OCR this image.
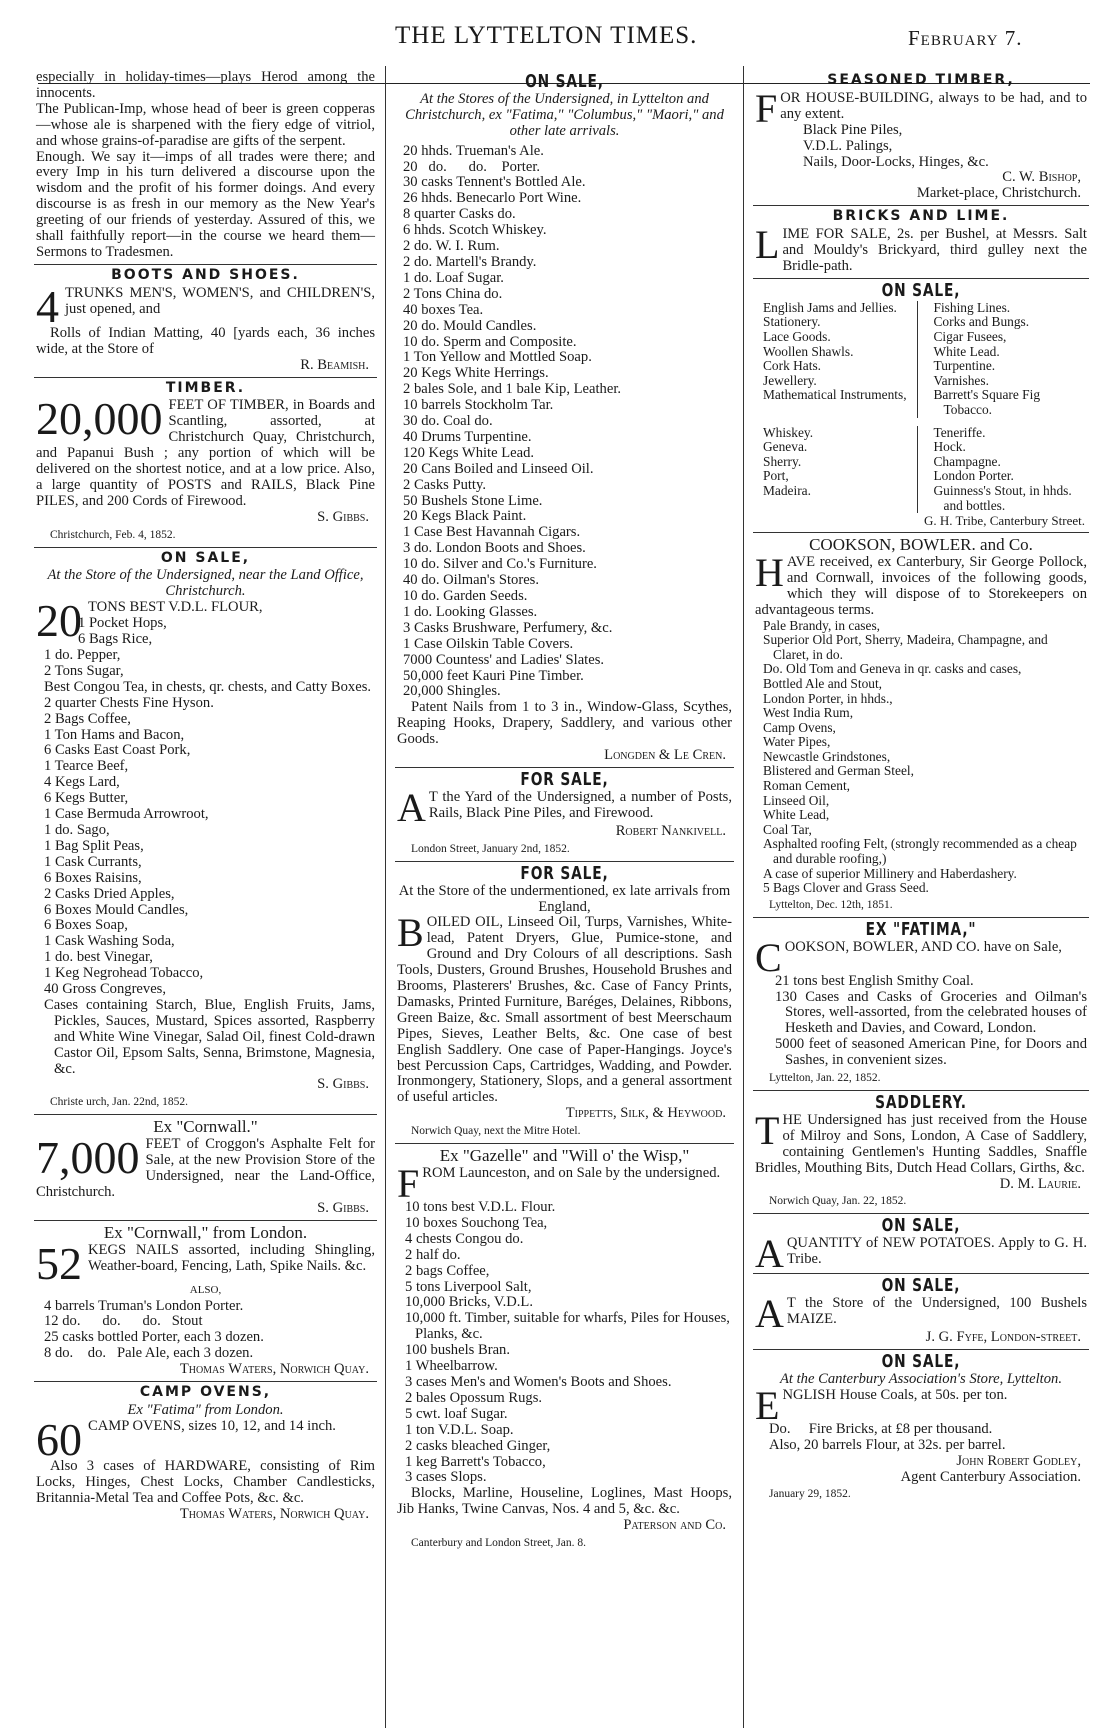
THE LYTTELTON TIMES.	February 7.

especially in holiday-times—plays Herod among the innocents.
The Publican-Imp, whose head of beer is green copperas—whose ale is sharpened with the fiery edge of vitriol, and whose grains-of-paradise are gifts of the serpent.
Enough. We say it—imps of all trades were there; and every Imp in his turn delivered a discourse upon the wisdom and the profit of his former doings. And every discourse is as fresh in our memory as the New Year's greeting of our friends of yesterday. Assured of this, we shall faithfully report—in the course we heard them—Sermons to Tradesmen.

BOOTS AND SHOES.

4 TRUNKS MEN'S, WOMEN'S, and CHILDREN'S, just opened, and

Rolls of Indian Matting, 40 [yards each, 36 inches wide, at the Store of

R. Beamish.

TIMBER.

20,000 FEET OF TIMBER, in Boards and Scantling, assorted, at Christchurch Quay, Christchurch, and Papanui Bush ; any portion of which will be delivered on the shortest notice, and at a low price. Also, a large quantity of POSTS and RAILS, Black Pine PILES, and 200 Cords of Firewood.

S. Gibbs.

Christchurch, Feb. 4, 1852.

ON SALE,

At the Store of the Undersigned, near the Land Office, Christchurch.

20 TONS BEST V.D.L. FLOUR,

1 Pocket Hops,

6 Bags Rice,

1 do. Pepper,

2 Tons Sugar,

Best Congou Tea, in chests, qr. chests, and Catty Boxes.

2 quarter Chests Fine Hyson.

2 Bags Coffee,

1 Ton Hams and Bacon,

6 Casks East Coast Pork,

1 Tearce Beef,

4 Kegs Lard,

6 Kegs Butter,

1 Case Bermuda Arrowroot,

1 do. Sago,

1 Bag Split Peas,

1 Cask Currants,

6 Boxes Raisins,

2 Casks Dried Apples,

6 Boxes Mould Candles,

6 Boxes Soap,

1 Cask Washing Soda,

1 do. best Vinegar,

1 Keg Negrohead Tobacco,

40 Gross Congreves,

Cases containing Starch, Blue, English Fruits, Jams, Pickles, Sauces, Mustard, Spices assorted, Raspberry and White Wine Vinegar, Salad Oil, finest Cold-drawn Castor Oil, Epsom Salts, Senna, Brimstone, Magnesia, &c.

S. Gibbs.

Christe urch, Jan. 22nd, 1852.

Ex "Cornwall."

7,000 FEET of Croggon's Asphalte Felt for Sale, at the new Provision Store of the Undersigned, near the Land-Office, Christchurch.

S. Gibbs.

Ex "Cornwall," from London.

52 KEGS NAILS assorted, including Shingling, Weather-board, Fencing, Lath, Spike Nails. &c.

ALSO,

4 barrels Truman's London Porter.

12 do.      do.      do.   Stout

25 casks bottled Porter, each 3 dozen.

8 do.    do.   Pale Ale, each 3 dozen.

Thomas Waters, Norwich Quay.

CAMP OVENS,

Ex "Fatima" from London.

60 CAMP OVENS, sizes 10, 12, and 14 inch.

Also 3 cases of HARDWARE, consisting of Rim Locks, Hinges, Chest Locks, Chamber Candlesticks, Britannia-Metal Tea and Coffee Pots, &c. &c.

Thomas Waters, Norwich Quay.

ON SALE,

At the Stores of the Undersigned, in Lyttelton and Christchurch, ex "Fatima," "Columbus," "Maori," and other late arrivals.

20 hhds. Trueman's Ale.

20   do.      do.    Porter.

30 casks Tennent's Bottled Ale.

26 hhds. Benecarlo Port Wine.

8 quarter Casks do.

6 hhds. Scotch Whiskey.

2 do. W. I. Rum.

2 do. Martell's Brandy.

1 do. Loaf Sugar.

2 Tons China do.

40 boxes Tea.

20 do. Mould Candles.

10 do. Sperm and Composite.

1 Ton Yellow and Mottled Soap.

20 Kegs White Herrings.

2 bales Sole, and 1 bale Kip, Leather.

10 barrels Stockholm Tar.

30 do. Coal do.

40 Drums Turpentine.

120 Kegs White Lead.

20 Cans Boiled and Linseed Oil.

2 Casks Putty.

50 Bushels Stone Lime.

20 Kegs Black Paint.

1 Case Best Havannah Cigars.

3 do. London Boots and Shoes.

10 do. Silver and Co.'s Furniture.

40 do. Oilman's Stores.

10 do. Garden Seeds.

1 do. Looking Glasses.

3 Casks Brushware, Perfumery, &c.

1 Case Oilskin Table Covers.

7000 Countess' and Ladies' Slates.

50,000 feet Kauri Pine Timber.

20,000 Shingles.

Patent Nails from 1 to 3 in., Window-Glass, Scythes, Reaping Hooks, Drapery, Saddlery, and various other Goods.

Longden & Le Cren.

FOR SALE,

A T the Yard of the Undersigned, a number of Posts, Rails, Black Pine Piles, and Firewood.

Robert Nankivell.

London Street, January 2nd, 1852.

FOR SALE,

At the Store of the undermentioned, ex late arrivals from England,

BOILED OIL, Linseed Oil, Turps, Varnishes, White-lead, Patent Dryers, Glue, Pumice-stone, and Ground and Dry Colours of all descriptions. Sash Tools, Dusters, Ground Brushes, Household Brushes and Brooms, Plasterers' Brushes, &c. Case of Fancy Prints, Damasks, Printed Furniture, Baréges, Delaines, Ribbons, Green Baize, &c. Small assortment of best Meerschaum Pipes, Sieves, Leather Belts, &c. One case of best English Saddlery. One case of Paper-Hangings. Joyce's best Percussion Caps, Cartridges, Wadding, and Powder. Ironmongery, Stationery, Slops, and a general assortment of useful articles.

Tippetts, Silk, & Heywood.

Norwich Quay, next the Mitre Hotel.

Ex "Gazelle" and "Will o' the Wisp,"

FROM Launceston, and on Sale by the undersigned.

10 tons best V.D.L. Flour.

10 boxes Souchong Tea,

4 chests Congou do.

2 half do.

2 bags Coffee,

5 tons Liverpool Salt,

10,000 Bricks, V.D.L.

10,000 ft. Timber, suitable for wharfs, Piles for Houses, Planks, &c.

100 bushels Bran.

1 Wheelbarrow.

3 cases Men's and Women's Boots and Shoes.

2 bales Opossum Rugs.

5 cwt. loaf Sugar.

1 ton V.D.L. Soap.

2 casks bleached Ginger,

1 keg Barrett's Tobacco,

3 cases Slops.

Blocks, Marline, Houseline, Loglines, Mast Hoops, Jib Hanks, Twine Canvas, Nos. 4 and 5, &c. &c.

Paterson and Co.

Canterbury and London Street, Jan. 8.

SEASONED TIMBER,

FOR HOUSE-BUILDING, always to be had, and to any extent.

Black Pine Piles,

V.D.L. Palings,

Nails, Door-Locks, Hinges, &c.

C. W. Bishop,

Market-place, Christchurch.

BRICKS AND LIME.

LIME FOR SALE, 2s. per Bushel, at Messrs. Salt and Mouldy's Brickyard, third gulley next the Bridle-path.

ON SALE,

English Jams and Jellies.

Stationery.

Lace Goods.

Woollen Shawls.

Cork Hats.

Jewellery.

Mathematical Instruments,

Fishing Lines.

Corks and Bungs.

Cigar Fusees,

White Lead.

Turpentine.

Varnishes.

Barrett's Square Fig Tobacco.

Whiskey.

Geneva.

Sherry.

Port,

Madeira.

Teneriffe.

Hock.

Champagne.

London Porter.

Guinness's Stout, in hhds. and bottles.

G. H. Tribe, Canterbury Street.

COOKSON, BOWLER. and Co.

HAVE received, ex Canterbury, Sir George Pollock, and Cornwall, invoices of the following goods, which they will dispose of to Storekeepers on advantageous terms.

Pale Brandy, in cases,

Superior Old Port, Sherry, Madeira, Champagne, and Claret, in do.

Do. Old Tom and Geneva in qr. casks and cases,

Bottled Ale and Stout,

London Porter, in hhds.,

West India Rum,

Camp Ovens,

Water Pipes,

Newcastle Grindstones,

Blistered and German Steel,

Roman Cement,

Linseed Oil,

White Lead,

Coal Tar,

Asphalted roofing Felt, (strongly recommended as a cheap and durable roofing,)

A case of superior Millinery and Haberdashery.

5 Bags Clover and Grass Seed.

Lyttelton, Dec. 12th, 1851.

EX "FATIMA,"

COOKSON, BOWLER, AND CO. have on Sale,

21 tons best English Smithy Coal.

130 Cases and Casks of Groceries and Oilman's Stores, well-assorted, from the celebrated houses of Hesketh and Davies, and Coward, London.

5000 feet of seasoned American Pine, for Doors and Sashes, in convenient sizes.

Lyttelton, Jan. 22, 1852.

SADDLERY.

THE Undersigned has just received from the House of Milroy and Sons, London, A Case of Saddlery, containing Gentlemen's Hunting Saddles, Snaffle Bridles, Mouthing Bits, Dutch Head Collars, Girths, &c.

D. M. Laurie.

Norwich Quay, Jan. 22, 1852.

ON SALE,

AQUANTITY of NEW POTATOES. Apply to G. H. Tribe.

ON SALE,

A T the Store of the Undersigned, 100 Bushels MAIZE.

J. G. Fyfe, London-street.

ON SALE,

At the Canterbury Association's Store, Lyttelton.

ENGLISH House Coals, at 50s. per ton.

Do.     Fire Bricks, at £8 per thousand.

Also, 20 barrels Flour, at 32s. per barrel.

John Robert Godley,

Agent Canterbury Association.

January 29, 1852.
